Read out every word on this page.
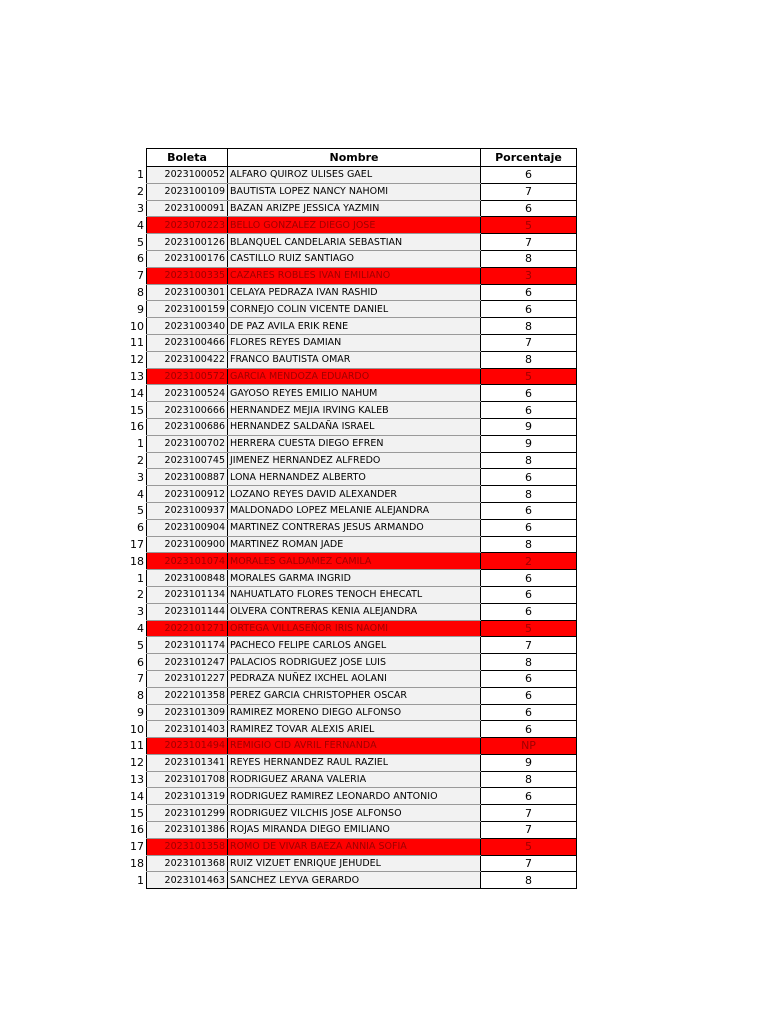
	Boleta	Nombre	Porcentaje
1	2023100052	ALFARO QUIROZ ULISES GAEL	6
2	2023100109	BAUTISTA LOPEZ NANCY NAHOMI	7
3	2023100091	BAZAN ARIZPE JESSICA YAZMIN	6
4	2023070223	BELLO GONZALEZ DIEGO JOSE	5
5	2023100126	BLANQUEL CANDELARIA SEBASTIAN	7
6	2023100176	CASTILLO RUIZ SANTIAGO	8
7	2023100335	CAZARES ROBLES IVAN EMILIANO	3
8	2023100301	CELAYA PEDRAZA IVAN RASHID	6
9	2023100159	CORNEJO COLIN VICENTE DANIEL	6
10	2023100340	DE PAZ AVILA ERIK RENE	8
11	2023100466	FLORES REYES DAMIAN	7
12	2023100422	FRANCO BAUTISTA OMAR	8
13	2023100572	GARCIA MENDOZA EDUARDO	5
14	2023100524	GAYOSO REYES EMILIO NAHUM	6
15	2023100666	HERNANDEZ MEJIA IRVING KALEB	6
16	2023100686	HERNANDEZ SALDAÑA ISRAEL	9
1	2023100702	HERRERA CUESTA DIEGO EFREN	9
2	2023100745	JIMENEZ HERNANDEZ ALFREDO	8
3	2023100887	LONA HERNANDEZ ALBERTO	6
4	2023100912	LOZANO REYES DAVID ALEXANDER	8
5	2023100937	MALDONADO LOPEZ MELANIE ALEJANDRA	6
6	2023100904	MARTINEZ CONTRERAS JESUS ARMANDO	6
17	2023100900	MARTINEZ ROMAN JADE	8
18	2023101074	MORALES GALDAMEZ CAMILA	2
1	2023100848	MORALES GARMA INGRID	6
2	2023101134	NAHUATLATO FLORES TENOCH EHECATL	6
3	2023101144	OLVERA CONTRERAS KENIA ALEJANDRA	6
4	2022101271	ORTEGA VILLASEÑOR IRIS NAOMI	5
5	2023101174	PACHECO FELIPE CARLOS ANGEL	7
6	2023101247	PALACIOS RODRIGUEZ JOSE LUIS	8
7	2023101227	PEDRAZA NUÑEZ IXCHEL AOLANI	6
8	2022101358	PEREZ GARCIA CHRISTOPHER OSCAR	6
9	2023101309	RAMIREZ MORENO DIEGO ALFONSO	6
10	2023101403	RAMIREZ TOVAR ALEXIS ARIEL	6
11	2023101494	REMIGIO CID AVRIL FERNANDA	NP
12	2023101341	REYES HERNANDEZ RAUL RAZIEL	9
13	2023101708	RODRIGUEZ ARANA VALERIA	8
14	2023101319	RODRIGUEZ RAMIREZ LEONARDO ANTONIO	6
15	2023101299	RODRIGUEZ VILCHIS JOSE ALFONSO	7
16	2023101386	ROJAS MIRANDA DIEGO EMILIANO	7
17	2023101358	ROMO DE VIVAR BAEZA ANNIA SOFIA	5
18	2023101368	RUIZ VIZUET ENRIQUE JEHUDEL	7
1	2023101463	SANCHEZ LEYVA GERARDO	8
